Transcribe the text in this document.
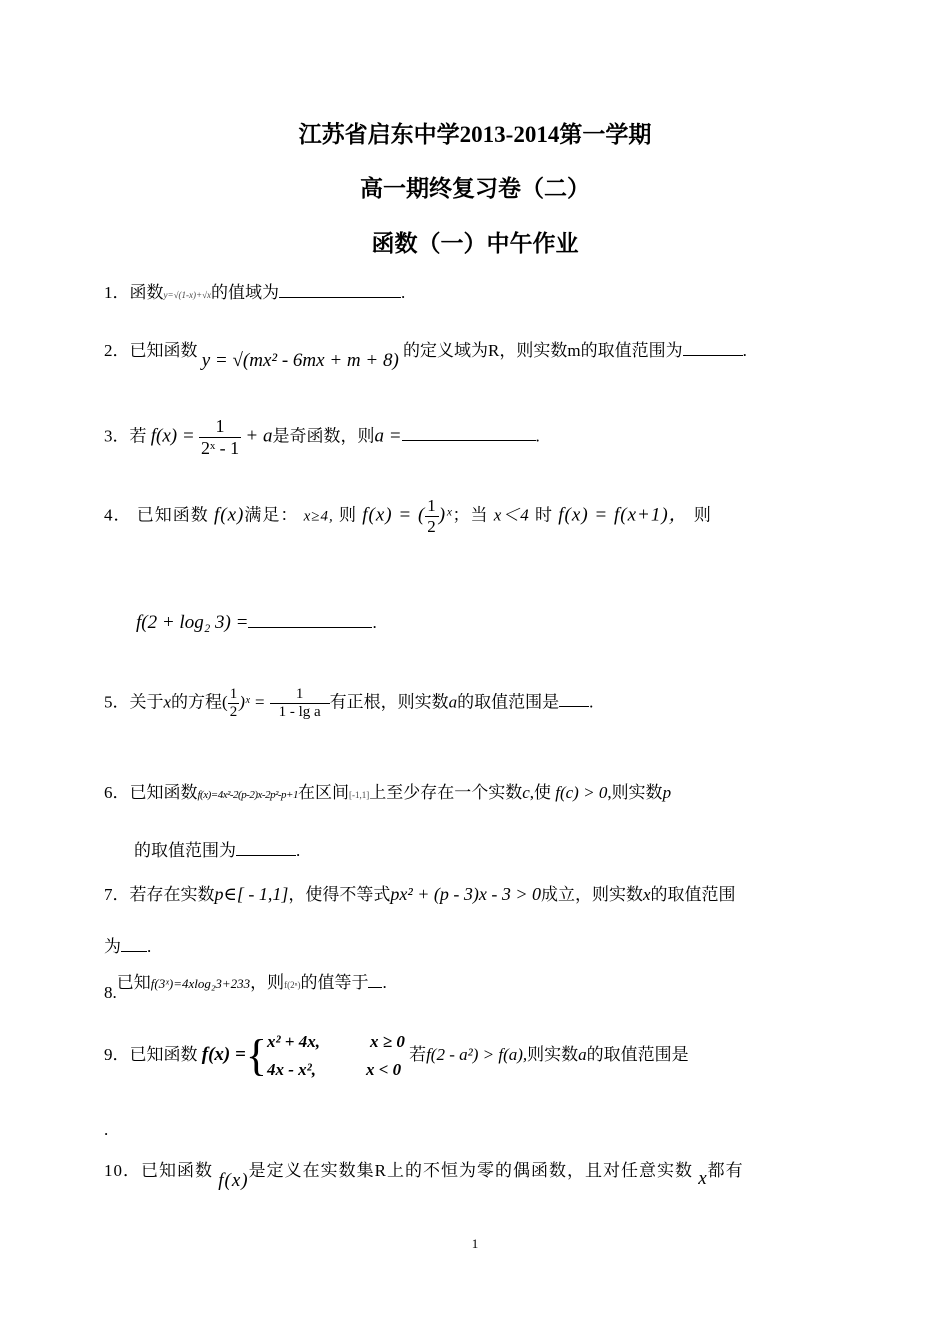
江苏省启东中学2013-2014第一学期
高一期终复习卷（二）
函数（一）中午作业
1．函数y=√(1-x)+√x的值域为	.
2．已知函数 y = √(mx² - 6mx + m + 8) 的定义域为R，则实数m的取值范围为	.
3．若 $f(x) = \frac{1}{\text{2ˣ - 1}} + a$是奇函数，则a =	.
4． 已知函数 f(x)满足： x≥4, 则 f(x) = ( $\frac{1}{2}$ )ˣ；当 x＜4 时 f(x) = f(x+1)， 则
f(2 + log₂ 3) =	.
5．关于x的方程( $\frac{1}{2}$ )ˣ = $\frac{1}{\text{1 - lg a}}$ 有正根，则实数a的取值范围是 .
6．已知函数f(x)=4x²-2(p-2)x-2p²-p+1在区间[-1,1]上至少存在一个实数c,使 f(c) > 0,则实数p
的取值范围为	.
7．若存在实数p∈[ - 1,1]，使得不等式px² + (p - 3)x - 3 > 0成立，则实数x的取值范围
为 .
8.已知f(3ˣ)=4xlog₂3+233，则f(2ⁿ)的值等于 .
9．已知函数 f(x) ={x² + 4x,	x ≥ 0
4x - x²,	x < 0 若f(2 - a²) > f(a),则实数a的取值范围是
.
10．已知函数 f(x)是定义在实数集R上的不恒为零的偶函数，且对任意实数 x都有
1
